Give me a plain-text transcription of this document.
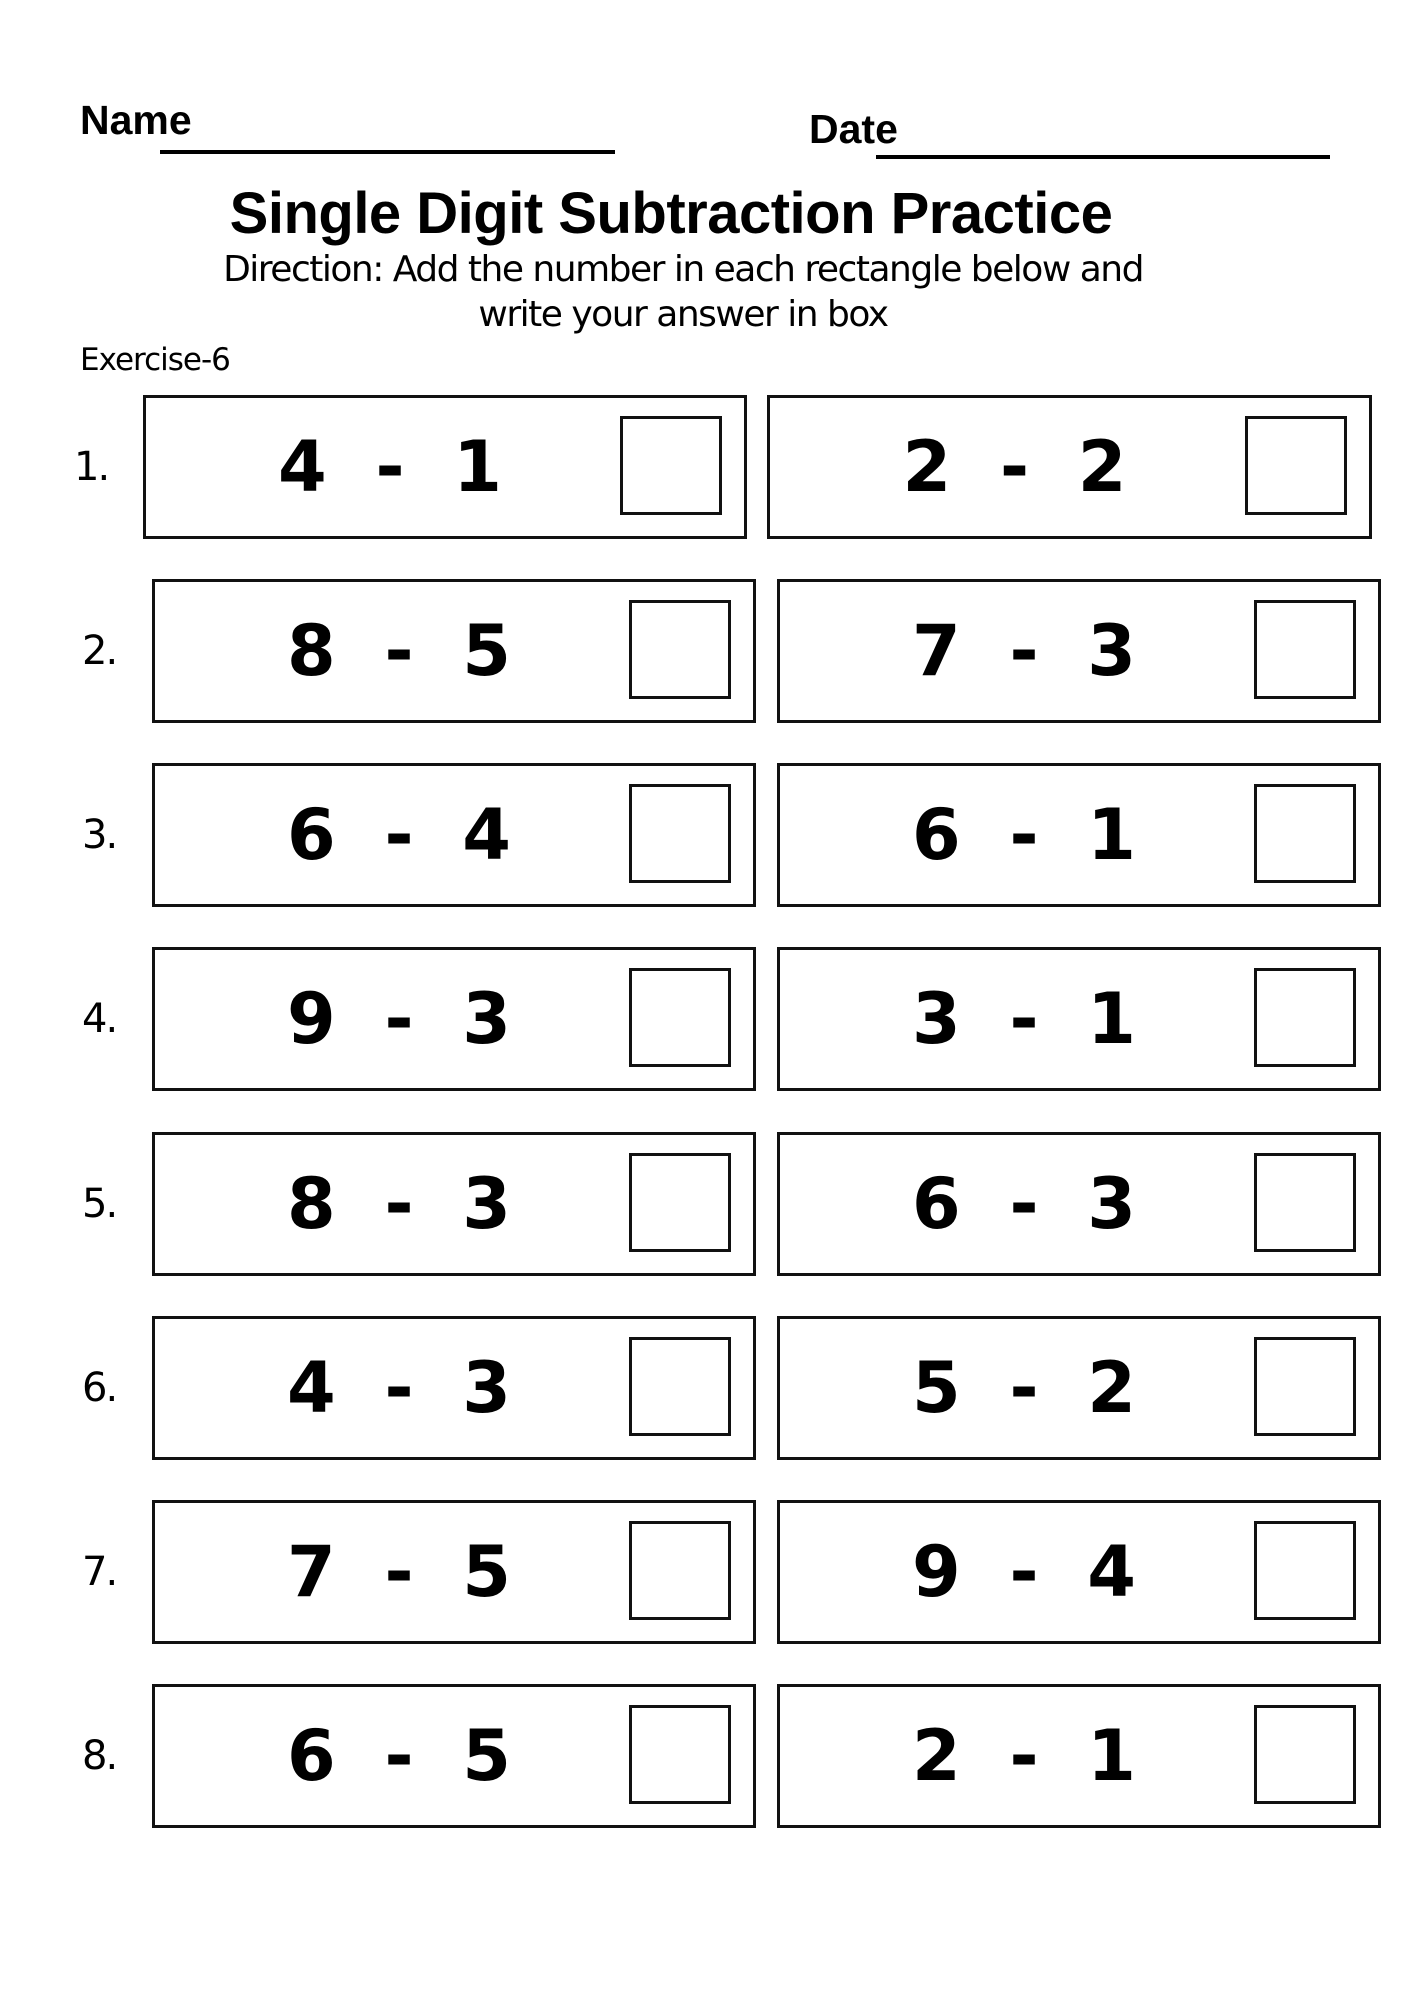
Name	Date
Single Digit Subtraction Practice
Direction: Add the number in each rectangle below and
write your answer in box
Exercise-6
1.	4  -  1	2  -  2
2.	8  -  5	7  -  3
3.	6  -  4	6  -  1
4.	9  -  3	3  -  1
5.	8  -  3	6  -  3
6.	4  -  3	5  -  2
7.	7  -  5	9  -  4
8.	6  -  5	2  -  1
